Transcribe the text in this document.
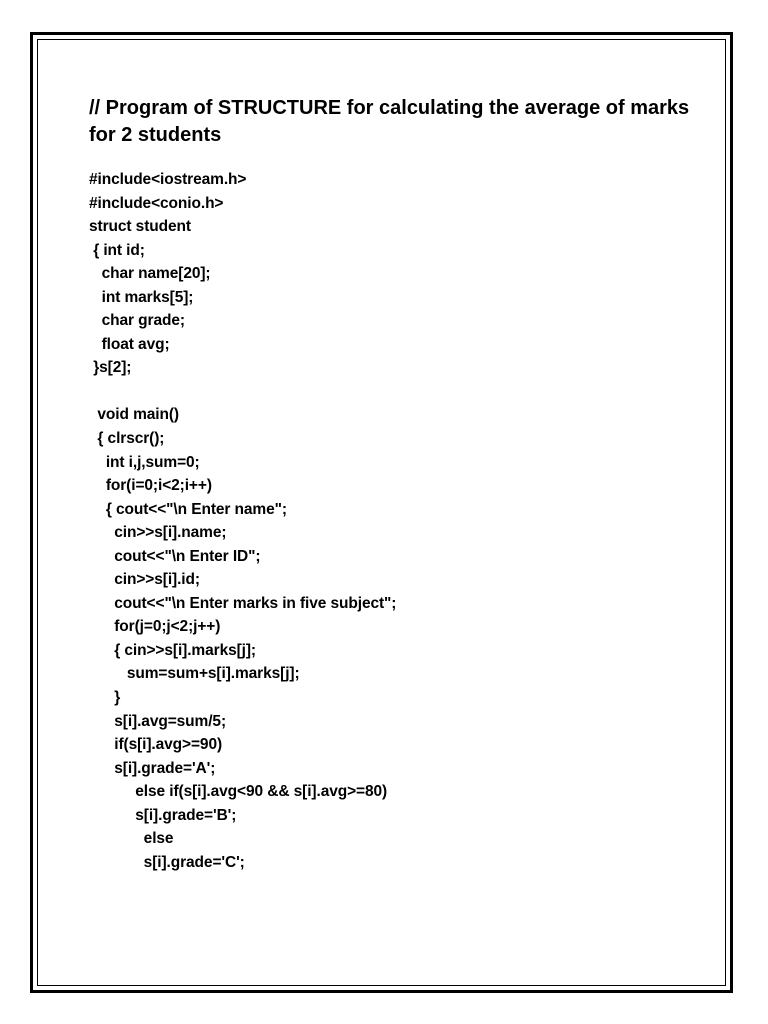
// Program of STRUCTURE for calculating the average of marks for 2 students
#include<iostream.h>
#include<conio.h>
struct student
{ int id;
char name[20];
int marks[5];
char grade;
float avg;
}s[2];
void main()
{ clrscr();
int i,j,sum=0;
for(i=0;i<2;i++)
{ cout<<"\n Enter name";
cin>>s[i].name;
cout<<"\n Enter ID";
cin>>s[i].id;
cout<<"\n Enter marks in five subject";
for(j=0;j<2;j++)
{ cin>>s[i].marks[j];
sum=sum+s[i].marks[j];
}
s[i].avg=sum/5;
if(s[i].avg>=90)
s[i].grade='A';
else if(s[i].avg<90 && s[i].avg>=80)
s[i].grade='B';
else
s[i].grade='C';
